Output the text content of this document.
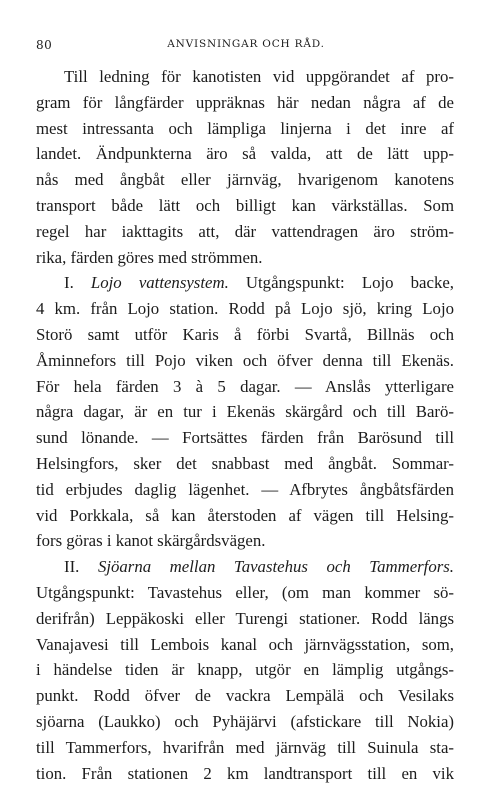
80	ANVISNINGAR OCH RÅD.
Till ledning för kanotisten vid uppgörandet af pro-
gram för långfärder uppräknas här nedan några af de
mest intressanta och lämpliga linjerna i det inre af
landet. Ändpunkterna äro så valda, att de lätt upp-
nås med ångbåt eller järnväg, hvarigenom kanotens
transport både lätt och billigt kan värkställas. Som
regel har iakttagits att, där vattendragen äro ström-
rika, färden göres med strömmen.
I. Lojo vattensystem. Utgångspunkt: Lojo backe,
4 km. från Lojo station. Rodd på Lojo sjö, kring Lojo
Storö samt utför Karis å förbi Svartå, Billnäs och
Åminnefors till Pojo viken och öfver denna till Ekenäs.
För hela färden 3 à 5 dagar. — Anslås ytterligare
några dagar, är en tur i Ekenäs skärgård och till Barö-
sund lönande. — Fortsättes färden från Barösund till
Helsingfors, sker det snabbast med ångbåt. Sommar-
tid erbjudes daglig lägenhet. — Afbrytes ångbåtsfärden
vid Porkkala, så kan återstoden af vägen till Helsing-
fors göras i kanot skärgårdsvägen.
II. Sjöarna mellan Tavastehus och Tammerfors.
Utgångspunkt: Tavastehus eller, (om man kommer sö-
derifrån) Leppäkoski eller Turengi stationer. Rodd längs
Vanajavesi till Lembois kanal och järnvägsstation, som,
i händelse tiden är knapp, utgör en lämplig utgångs-
punkt. Rodd öfver de vackra Lempälä och Vesilaks
sjöarna (Laukko) och Pyhäjärvi (afstickare till Nokia)
till Tammerfors, hvarifrån med järnväg till Suinula sta-
tion. Från stationen 2 km landtransport till en vik
